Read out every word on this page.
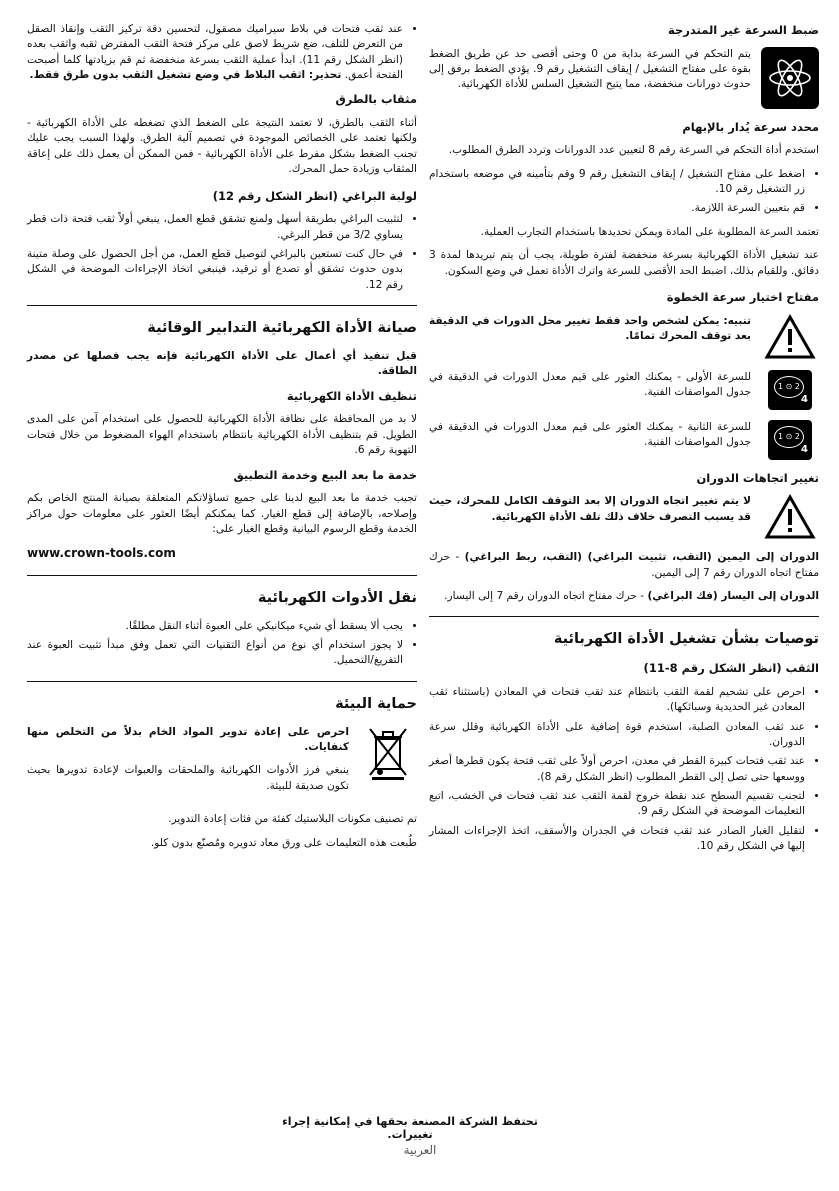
ضبط السرعة غير المتدرجة

يتم التحكم في السرعة بداية من 0 وحتى أقصى حد عن طريق الضغط بقوة على مفتاح التشغيل / إيقاف التشغيل رقم 9. يؤدي الضغط برفق إلى حدوث دورانات منخفضة، مما يتيح التشغيل السلس للأداة الكهربائية.

محدد سرعة يُدار بالإبهام

استخدم أداة التحكم في السرعة رقم 8 لتعيين عدد الدورانات وتردد الطرق المطلوب.

• اضغط على مفتاح التشغيل / إيقاف التشغيل رقم 9 وقم بتأمينه في موضعه باستخدام زر التشغيل رقم 10.
• قم بتعيين السرعة اللازمة.

تعتمد السرعة المطلوبة على المادة ويمكن تحديدها باستخدام التجارب العملية.

عند تشغيل الأداة الكهربائية بسرعة منخفضة لفترة طويلة، يجب أن يتم تبريدها لمدة 3 دقائق. وللقيام بذلك، اضبط الحد الأقصى للسرعة واترك الأداة تعمل في وضع السكون.

مفتاح اختيار سرعة الخطوة

تنبيه: يمكن لشخص واحد فقط تغيير محل الدورات في الدقيقة بعد توقف المحرك تمامًا.

1 ⊙ 2
4

للسرعة الأولى - يمكنك العثور على قيم معدل الدورات في الدقيقة في جدول المواصفات الفنية.

1 ⊙ 2
4

للسرعة الثانية - يمكنك العثور على قيم معدل الدورات في الدقيقة في جدول المواصفات الفنية.

تغيير اتجاهات الدوران

لا يتم تغيير اتجاه الدوران إلا بعد التوقف الكامل للمحرك، حيث قد يسبب التصرف خلاف ذلك تلف الأداة الكهربائية.

الدوران إلى اليمين (التقب، تثبيت البراغي) (التقب، ربط البراغي) - حرك مفتاح اتجاه الدوران رقم 7 إلى اليمين.

الدوران إلى اليسار (فك البراغي) - حرك مفتاح اتجاه الدوران رقم 7 إلى اليسار.

توصيات بشأن تشغيل الأداة الكهربائية
الثقب (انظر الشكل رقم 8-11)
• احرص على تشحيم لقمة الثقب بانتظام عند ثقب فتحات في المعادن (باستثناء ثقب المعادن غير الحديدية وسبائكها).
• عند ثقب المعادن الصلبة، استخدم قوة إضافية على الأداة الكهربائية وقلل سرعة الدوران.
• عند ثقب فتحات كبيرة القطر في معدن، احرص أولاً على ثقب فتحة يكون قطرها أصغر ووسعها حتى تصل إلى القطر المطلوب (انظر الشكل رقم 8).
• لتجنب تقسيم السطح عند نقطة خروج لقمة الثقب عند ثقب فتحات في الخشب، اتبع التعليمات الموضحة في الشكل رقم 9.
• لتقليل الغبار الصادر عند ثقب فتحات في الجدران والأسقف، اتخذ الإجراءات المشار إليها في الشكل رقم 10.
• عند ثقب فتحات في بلاط سيراميك مصقول، لتحسين دقة تركيز الثقب وإنقاذ الصقل من التعرض للتلف، ضع شريط لاصق على مركز فتحة الثقب المفترض ثقبه واثقب بعده (انظر الشكل رقم 11). ابدأ عملية الثقب بسرعة منخفضة ثم قم بزيادتها كلما أصبحت الفتحة أعمق. تحذير: اثقب البلاط في وضع تشغيل الثقب بدون طرق فقط.
مثقاب بالطرق

أثناء الثقب بالطرق، لا تعتمد النتيجة على الضغط الذي تضغطه على الأداة الكهربائية - ولكنها تعتمد على الخصائص الموجودة في تصميم آلية الطرق. ولهذا السبب يجب عليك تجنب الضغط بشكل مفرط على الأداة الكهربائية - فمن الممكن أن يعمل ذلك على إعاقة المثقاب وزيادة حمل المحرك.

لولبة البراغي (انظر الشكل رقم 12)
• لتثبيت البراغي بطريقة أسهل ولمنع تشقق قطع العمل، ينبغي أولاً ثقب فتحة ذات قطر يساوي 3/2 من قطر البرغي.
• في حال كنت تستعين بالبراغي لتوصيل قطع العمل، من أجل الحصول على وصلة متينة بدون حدوث تشقق أو تصدع أو ترقيد، فينبغي اتخاذ الإجراءات الموضحة في الشكل رقم 12.
صيانة الأداة الكهربائية التدابير الوقائية

قبل تنفيذ أي أعمال على الأداة الكهربائية فإنه يجب فصلها عن مصدر الطاقة.

تنظيف الأداة الكهربائية

لا بد من المحافظة على نظافة الأداة الكهربائية للحصول على استخدام آمن على المدى الطويل. قم بتنظيف الأداة الكهربائية بانتظام باستخدام الهواء المضغوط من خلال فتحات التهوية رقم 6.

خدمة ما بعد البيع وخدمة التطبيق

تجيب خدمة ما بعد البيع لدينا على جميع تساؤلاتكم المتعلقة بصيانة المنتج الخاص بكم وإصلاحه، بالإضافة إلى قطع الغيار. كما يمكنكم أيضًا العثور على معلومات حول مراكز الخدمة وقطع الرسوم البيانية وقطع الغيار على:

www.crown-tools.com
نقل الأدوات الكهربائية
• يجب ألا يسقط أي شيء ميكانيكي على العبوة أثناء النقل مطلقًا.
• لا يجوز استخدام أي نوع من أنواع التقنيات التي تعمل وفق مبدأ تثبيت العبوة عند التفريغ/التحميل.
حماية البيئة

احرص على إعادة تدوير المواد الخام بدلاً من التخلص منها كنفايات.

ينبغي فرز الأدوات الكهربائية والملحقات والعبوات لإعادة تدويرها بحيث تكون صديقة للبيئة.

تم تصنيف مكونات البلاستيك كفئة من فئات إعادة التدوير.

طُبعت هذه التعليمات على ورق معاد تدويره ومُصنّع بدون كلو.

تحتفظ الشركة المصنعة بحقها في إمكانية إجراء تغييرات.
العربية
